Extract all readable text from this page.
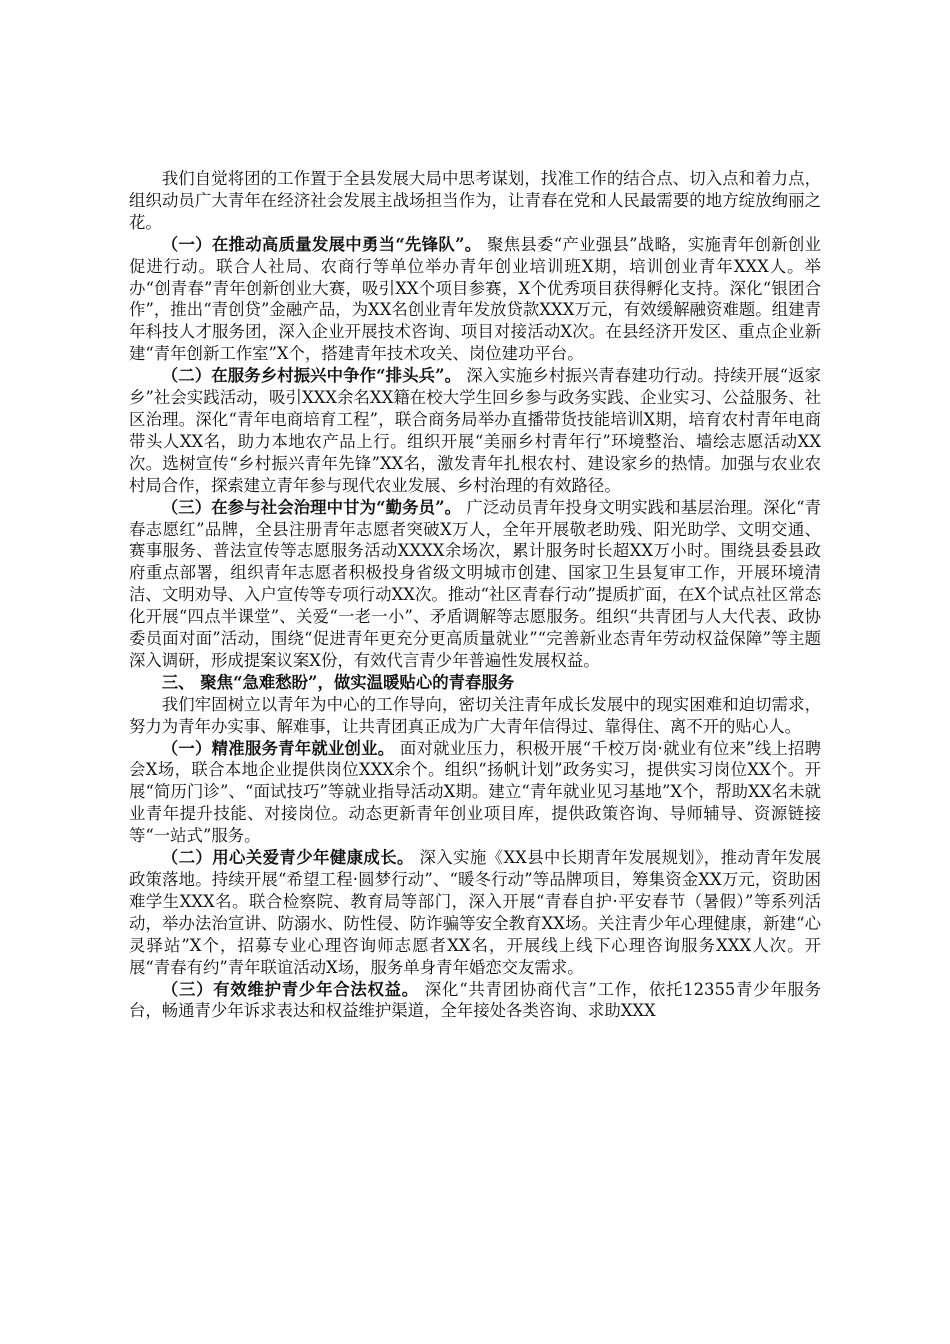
我们自觉将团的工作置于全县发展大局中思考谋划，找准工作的结合点、切入点和着力点，组织动员广大青年在经济社会发展主战场担当作为，让青春在党和人民最需要的地方绽放绚丽之花。

（一）在推动高质量发展中勇当“先锋队”。 聚焦县委“产业强县”战略，实施青年创新创业促进行动。联合人社局、农商行等单位举办青年创业培训班X期，培训创业青年XXX人。举办“创青春”青年创新创业大赛，吸引XX个项目参赛，X个优秀项目获得孵化支持。深化“银团合作”，推出“青创贷”金融产品，为XX名创业青年发放贷款XXX万元，有效缓解融资难题。组建青年科技人才服务团，深入企业开展技术咨询、项目对接活动X次。在县经济开发区、重点企业新建“青年创新工作室”X个，搭建青年技术攻关、岗位建功平台。

（二）在服务乡村振兴中争作“排头兵”。 深入实施乡村振兴青春建功行动。持续开展“返家乡”社会实践活动，吸引XXX余名XX籍在校大学生回乡参与政务实践、企业实习、公益服务、社区治理。深化“青年电商培育工程”，联合商务局举办直播带货技能培训X期，培育农村青年电商带头人XX名，助力本地农产品上行。组织开展“美丽乡村青年行”环境整治、墙绘志愿活动XX次。选树宣传“乡村振兴青年先锋”XX名，激发青年扎根农村、建设家乡的热情。加强与农业农村局合作，探索建立青年参与现代农业发展、乡村治理的有效路径。

（三）在参与社会治理中甘为“勤务员”。 广泛动员青年投身文明实践和基层治理。深化“青春志愿红”品牌，全县注册青年志愿者突破X万人，全年开展敬老助残、阳光助学、文明交通、赛事服务、普法宣传等志愿服务活动XXXX余场次，累计服务时长超XX万小时。围绕县委县政府重点部署，组织青年志愿者积极投身省级文明城市创建、国家卫生县复审工作，开展环境清洁、文明劝导、入户宣传等专项行动XX次。推动“社区青春行动”提质扩面，在X个试点社区常态化开展“四点半课堂”、关爱“一老一小”、矛盾调解等志愿服务。组织“共青团与人大代表、政协委员面对面”活动，围绕“促进青年更充分更高质量就业”“完善新业态青年劳动权益保障”等主题深入调研，形成提案议案X份，有效代言青少年普遍性发展权益。

三、 聚焦“急难愁盼”，做实温暖贴心的青春服务

我们牢固树立以青年为中心的工作导向，密切关注青年成长发展中的现实困难和迫切需求，努力为青年办实事、解难事，让共青团真正成为广大青年信得过、靠得住、离不开的贴心人。

（一）精准服务青年就业创业。 面对就业压力，积极开展“千校万岗·就业有位来”线上招聘会X场，联合本地企业提供岗位XXX余个。组织“扬帆计划”政务实习，提供实习岗位XX个。开展“简历门诊”、“面试技巧”等就业指导活动X期。建立“青年就业见习基地”X个，帮助XX名未就业青年提升技能、对接岗位。动态更新青年创业项目库，提供政策咨询、导师辅导、资源链接等“一站式”服务。

（二）用心关爱青少年健康成长。 深入实施《XX县中长期青年发展规划》，推动青年发展政策落地。持续开展“希望工程·圆梦行动”、“暖冬行动”等品牌项目，筹集资金XX万元，资助困难学生XXX名。联合检察院、教育局等部门，深入开展“青春自护·平安春节（暑假）”等系列活动，举办法治宣讲、防溺水、防性侵、防诈骗等安全教育XX场。关注青少年心理健康，新建“心灵驿站”X个，招募专业心理咨询师志愿者XX名，开展线上线下心理咨询服务XXX人次。开展“青春有约”青年联谊活动X场，服务单身青年婚恋交友需求。

（三）有效维护青少年合法权益。 深化“共青团协商代言”工作，依托12355青少年服务台，畅通青少年诉求表达和权益维护渠道，全年接处各类咨询、求助XXX
